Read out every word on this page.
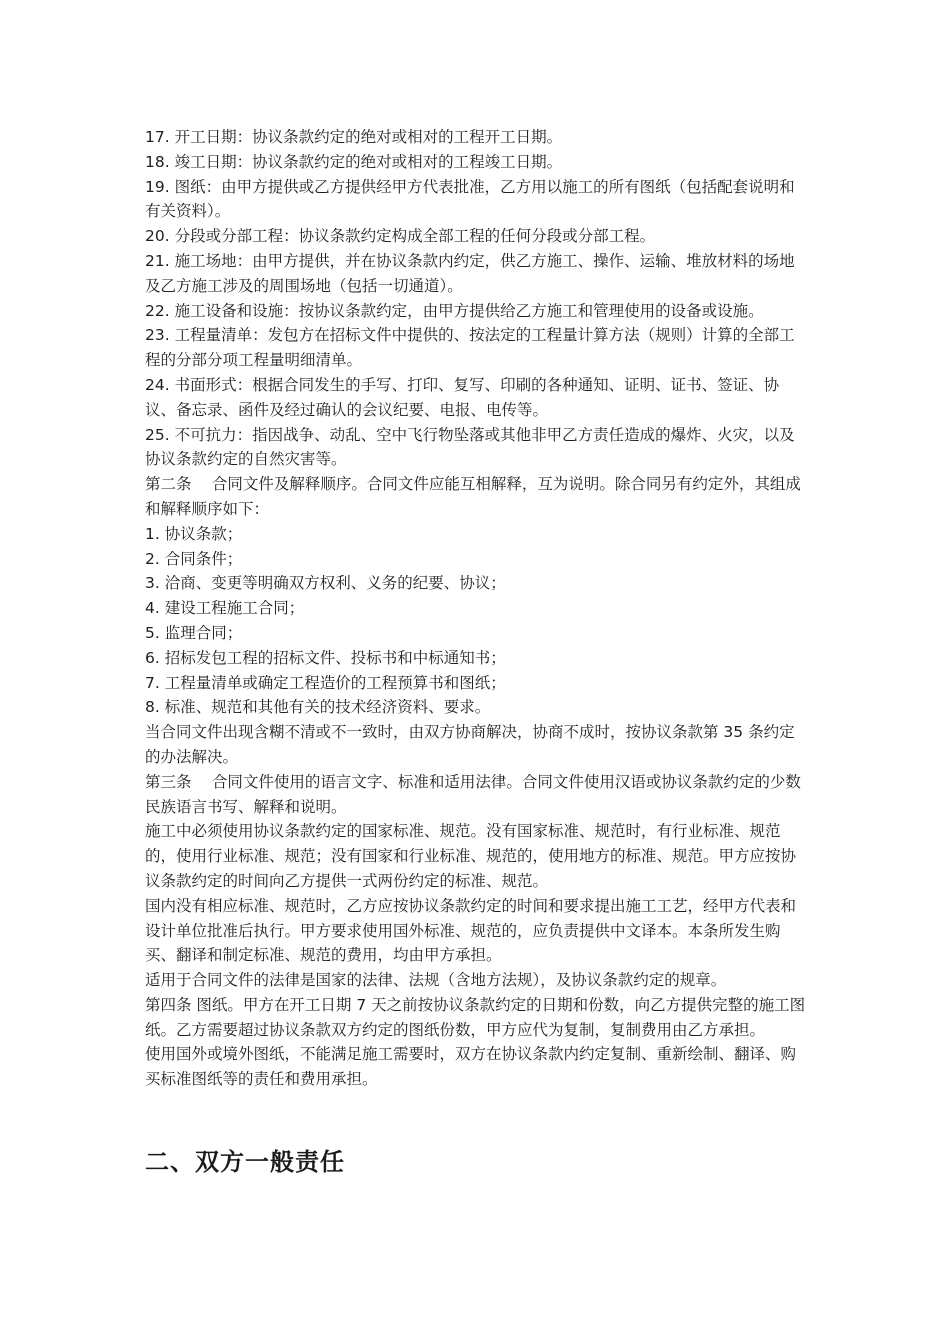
17. 开工日期：协议条款约定的绝对或相对的工程开工日期。

18. 竣工日期：协议条款约定的绝对或相对的工程竣工日期。

19. 图纸：由甲方提供或乙方提供经甲方代表批准，乙方用以施工的所有图纸（包括配套说明和有关资料）。

20. 分段或分部工程：协议条款约定构成全部工程的任何分段或分部工程。

21. 施工场地：由甲方提供，并在协议条款内约定，供乙方施工、操作、运输、堆放材料的场地及乙方施工涉及的周围场地（包括一切通道）。

22. 施工设备和设施：按协议条款约定，由甲方提供给乙方施工和管理使用的设备或设施。

23. 工程量清单：发包方在招标文件中提供的、按法定的工程量计算方法（规则）计算的全部工程的分部分项工程量明细清单。

24. 书面形式：根据合同发生的手写、打印、复写、印刷的各种通知、证明、证书、签证、协议、备忘录、函件及经过确认的会议纪要、电报、电传等。

25. 不可抗力：指因战争、动乱、空中飞行物坠落或其他非甲乙方责任造成的爆炸、火灾，以及协议条款约定的自然灾害等。

第二条　 合同文件及解释顺序。合同文件应能互相解释，互为说明。除合同另有约定外，其组成和解释顺序如下：

1. 协议条款；

2. 合同条件；

3. 洽商、变更等明确双方权利、义务的纪要、协议；

4. 建设工程施工合同；

5. 监理合同；

6. 招标发包工程的招标文件、投标书和中标通知书；

7. 工程量清单或确定工程造价的工程预算书和图纸；

8. 标准、规范和其他有关的技术经济资料、要求。

当合同文件出现含糊不清或不一致时，由双方协商解决，协商不成时，按协议条款第 35 条约定的办法解决。

第三条　 合同文件使用的语言文字、标准和适用法律。合同文件使用汉语或协议条款约定的少数民族语言书写、解释和说明。

施工中必须使用协议条款约定的国家标准、规范。没有国家标准、规范时，有行业标准、规范的，使用行业标准、规范；没有国家和行业标准、规范的，使用地方的标准、规范。甲方应按协议条款约定的时间向乙方提供一式两份约定的标准、规范。

国内没有相应标准、规范时，乙方应按协议条款约定的时间和要求提出施工工艺，经甲方代表和设计单位批准后执行。甲方要求使用国外标准、规范的，应负责提供中文译本。本条所发生购买、翻译和制定标准、规范的费用，均由甲方承担。

适用于合同文件的法律是国家的法律、法规（含地方法规），及协议条款约定的规章。

第四条 图纸。甲方在开工日期 7 天之前按协议条款约定的日期和份数，向乙方提供完整的施工图纸。乙方需要超过协议条款双方约定的图纸份数，甲方应代为复制，复制费用由乙方承担。

使用国外或境外图纸，不能满足施工需要时，双方在协议条款内约定复制、重新绘制、翻译、购买标准图纸等的责任和费用承担。

二、双方一般责任
